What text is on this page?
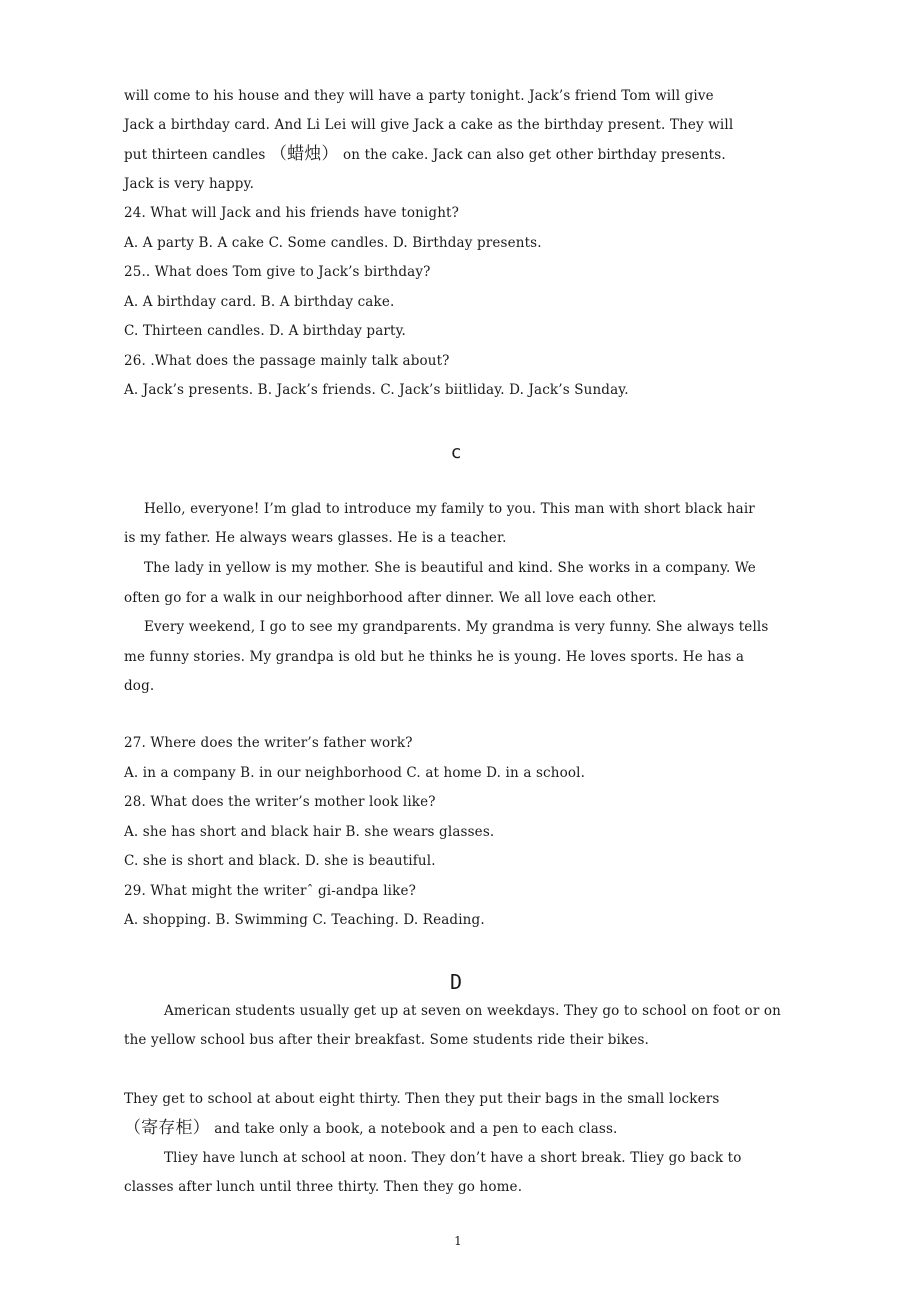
will come to his house and they will have a party tonight. Jack’s friend Tom will give
Jack a birthday card. And Li Lei will give Jack a cake as the birthday present. They will
put thirteen candles （蜡烛） on the cake. Jack can also get other birthday presents.
Jack is very happy.
24. What will Jack and his friends have tonight?
A. A party B. A cake C. Some candles. D. Birthday presents.
25.. What does Tom give to Jack’s birthday?
A. A birthday card. B. A birthday cake.
C. Thirteen candles. D. A birthday party.
26. .What does the passage mainly talk about?
A. Jack’s presents. B. Jack’s friends. C. Jack’s biitliday. D. Jack’s Sunday.
c
Hello, everyone! I’m glad to introduce my family to you. This man with short black hair
is my father. He always wears glasses. He is a teacher.
The lady in yellow is my mother. She is beautiful and kind. She works in a company. We
often go for a walk in our neighborhood after dinner. We all love each other.
Every weekend, I go to see my grandparents. My grandma is very funny. She always tells
me funny stories. My grandpa is old but he thinks he is young. He loves sports. He has a
dog.
27. Where does the writer’s father work?
A. in a company B. in our neighborhood C. at home D. in a school.
28. What does the writer’s mother look like?
A. she has short and black hair B. she wears glasses.
C. she is short and black. D. she is beautiful.
29. What might the writerˆ gi-andpa like?
A. shopping. B. Swimming C. Teaching. D. Reading.
D
American students usually get up at seven on weekdays. They go to school on foot or on
the yellow school bus after their breakfast. Some students ride their bikes.
They get to school at about eight thirty. Then they put their bags in the small lockers
（寄存柜） and take only a book, a notebook and a pen to each class.
Tliey have lunch at school at noon. They don’t have a short break. Tliey go back to
classes after lunch until three thirty. Then they go home.
1
